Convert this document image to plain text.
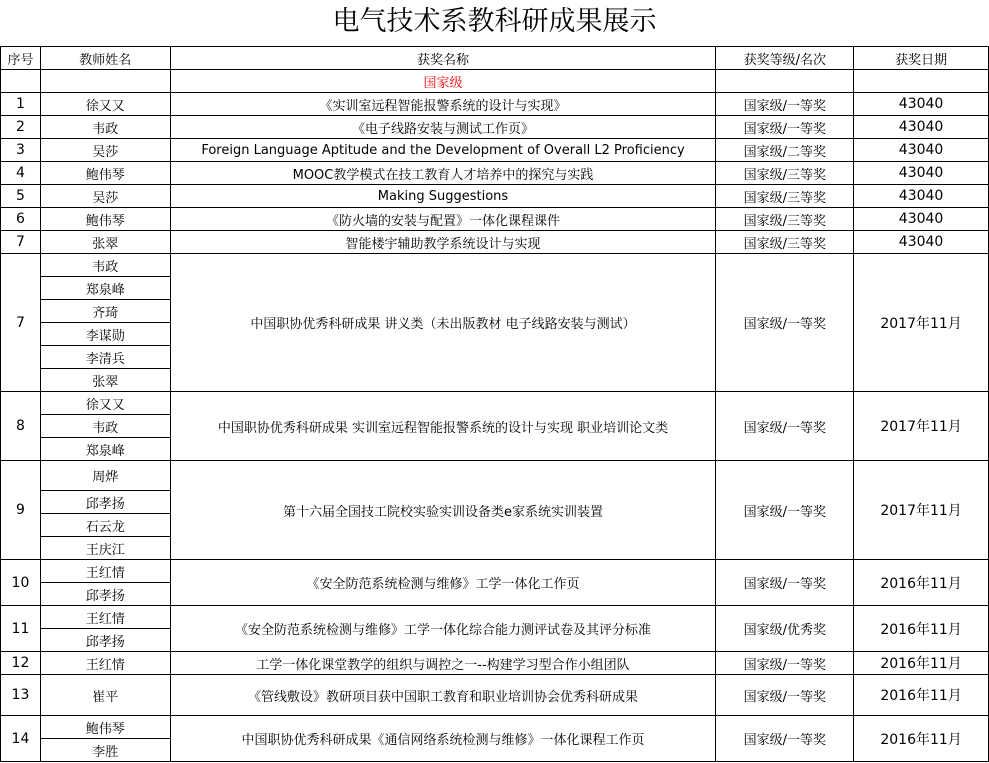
电气技术系教科研成果展示
序号	教师姓名	获奖名称	获奖等级/名次	获奖日期
		国家级		
1	徐又又	《实训室远程智能报警系统的设计与实现》	国家级/一等奖	43040
2	韦政	《电子线路安装与测试工作页》	国家级/一等奖	43040
3	吴莎	Foreign Language Aptitude and the Development of Overall L2 Proficiency	国家级/二等奖	43040
4	鲍伟琴	MOOC教学模式在技工教育人才培养中的探究与实践	国家级/三等奖	43040
5	吴莎	Making Suggestions	国家级/三等奖	43040
6	鲍伟琴	《防火墙的安装与配置》一体化课程课件	国家级/三等奖	43040
7	张翠	智能楼宇辅助教学系统设计与实现	国家级/三等奖	43040
7	韦政	中国职协优秀科研成果 讲义类（未出版教材 电子线路安装与测试）	国家级/一等奖	2017年11月
	郑泉峰			
	齐琦			
	李谋勋			
	李清兵			
	张翠			
8	徐又又	中国职协优秀科研成果 实训室远程智能报警系统的设计与实现 职业培训论文类	国家级/一等奖	2017年11月
	韦政			
	郑泉峰			
9	周烨	第十六届全国技工院校实验实训设备类e家系统实训装置	国家级/一等奖	2017年11月
	邱孝扬			
	石云龙			
	王庆江			
10	王红情	《安全防范系统检测与维修》工学一体化工作页	国家级/一等奖	2016年11月
	邱孝扬			
11	王红情	《安全防范系统检测与维修》工学一体化综合能力测评试卷及其评分标准	国家级/优秀奖	2016年11月
	邱孝扬			
12	王红情	工学一体化课堂教学的组织与调控之一--构建学习型合作小组团队	国家级/一等奖	2016年11月
13	崔平	《管线敷设》教研项目获中国职工教育和职业培训协会优秀科研成果	国家级/一等奖	2016年11月
14	鲍伟琴	中国职协优秀科研成果《通信网络系统检测与维修》一体化课程工作页	国家级/一等奖	2016年11月
	李胜			
